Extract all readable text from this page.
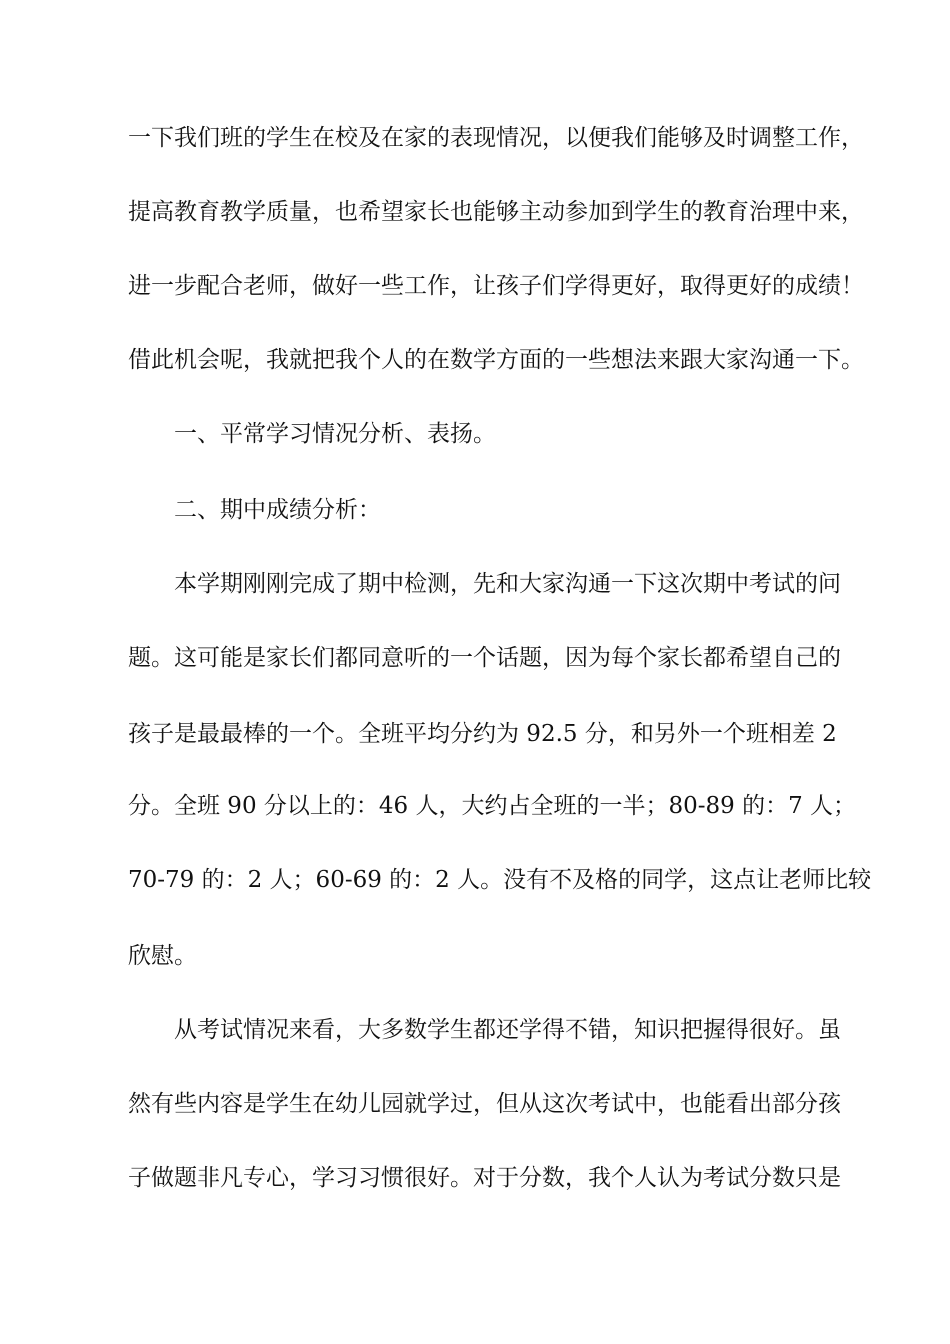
一下我们班的学生在校及在家的表现情况，以便我们能够及时调整工作，
提高教育教学质量，也希望家长也能够主动参加到学生的教育治理中来，
进一步配合老师，做好一些工作，让孩子们学得更好，取得更好的成绩！
借此机会呢，我就把我个人的在数学方面的一些想法来跟大家沟通一下。
一、平常学习情况分析、表扬。
二、期中成绩分析：
本学期刚刚完成了期中检测，先和大家沟通一下这次期中考试的问
题。这可能是家长们都同意听的一个话题，因为每个家长都希望自己的
孩子是最最棒的一个。全班平均分约为 92.5 分，和另外一个班相差 2
分。全班 90 分以上的：46 人，大约占全班的一半；80-89 的：7 人；
70-79 的：2 人；60-69 的：2 人。没有不及格的同学，这点让老师比较
欣慰。
从考试情况来看，大多数学生都还学得不错，知识把握得很好。虽
然有些内容是学生在幼儿园就学过，但从这次考试中，也能看出部分孩
子做题非凡专心，学习习惯很好。对于分数，我个人认为考试分数只是
